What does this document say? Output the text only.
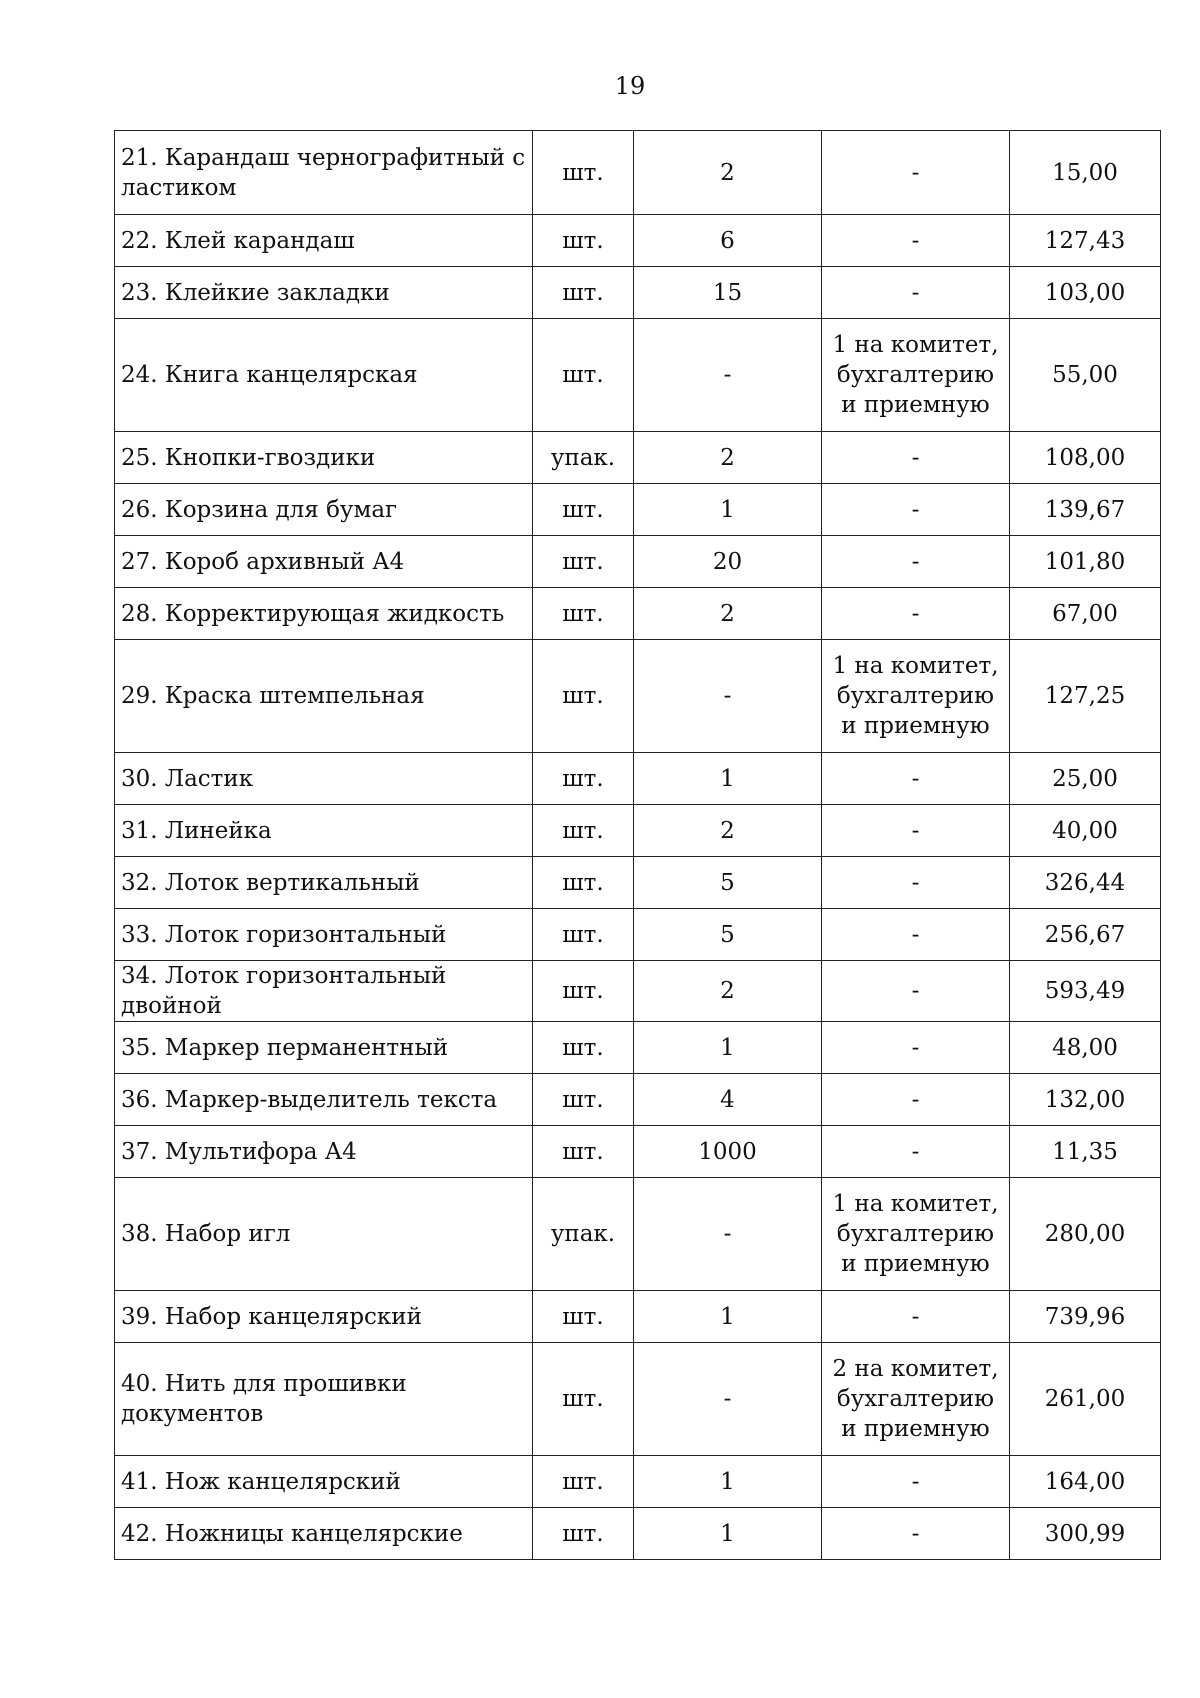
19
21. Карандаш чернографитный с ластиком	шт.	2	-	15,00
22. Клей карандаш	шт.	6	-	127,43
23. Клейкие закладки	шт.	15	-	103,00
24. Книга канцелярская	шт.	-	1 на комитет, бухгалтерию и приемную	55,00
25. Кнопки-гвоздики	упак.	2	-	108,00
26. Корзина для бумаг	шт.	1	-	139,67
27. Короб архивный А4	шт.	20	-	101,80
28. Корректирующая жидкость	шт.	2	-	67,00
29. Краска штемпельная	шт.	-	1 на комитет, бухгалтерию и приемную	127,25
30. Ластик	шт.	1	-	25,00
31. Линейка	шт.	2	-	40,00
32. Лоток вертикальный	шт.	5	-	326,44
33. Лоток горизонтальный	шт.	5	-	256,67
34. Лоток горизонтальный двойной	шт.	2	-	593,49
35. Маркер перманентный	шт.	1	-	48,00
36. Маркер-выделитель текста	шт.	4	-	132,00
37. Мультифора А4	шт.	1000	-	11,35
38. Набор игл	упак.	-	1 на комитет, бухгалтерию и приемную	280,00
39. Набор канцелярский	шт.	1	-	739,96
40. Нить для прошивки документов	шт.	-	2 на комитет, бухгалтерию и приемную	261,00
41. Нож канцелярский	шт.	1	-	164,00
42. Ножницы канцелярские	шт.	1	-	300,99
